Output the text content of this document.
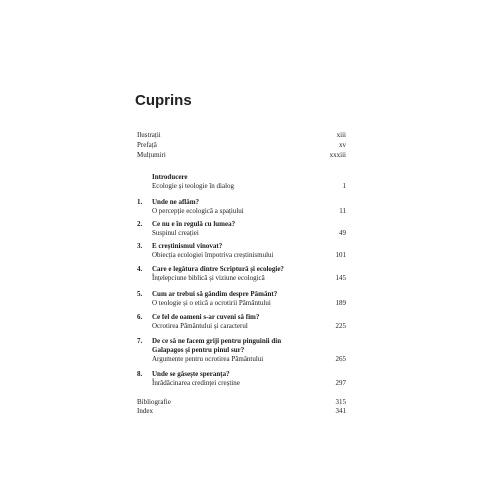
Cuprins
Ilustrații	xiii
Prefață	xv
Mulțumiri	xxxiii
Introducere
Ecologie și teologie în dialog	1
1. Unde ne aflăm?
O percepție ecologică a spațiului	11
2. Ce nu e în regulă cu lumea?
Suspinul creației	49
3. E creștinismul vinovat?
Obiecția ecologiei împotriva creștinismului	101
4. Care e legătura dintre Scriptură și ecologie?
Înțelepciune biblică și viziune ecologică	145
5. Cum ar trebui să gândim despre Pământ?
O teologie și o etică a ocrotirii Pământului	189
6. Ce fel de oameni s-ar cuveni să fim?
Ocrotirea Pământului și caracterul	225
7. De ce să ne facem griji pentru pinguinii din
Galapagos și pentru pinul sur?
Argumente pentru ocrotirea Pământului	265
8. Unde se găsește speranța?
Înrădăcinarea credinței creștine	297
Bibliografie	315
Index	341
